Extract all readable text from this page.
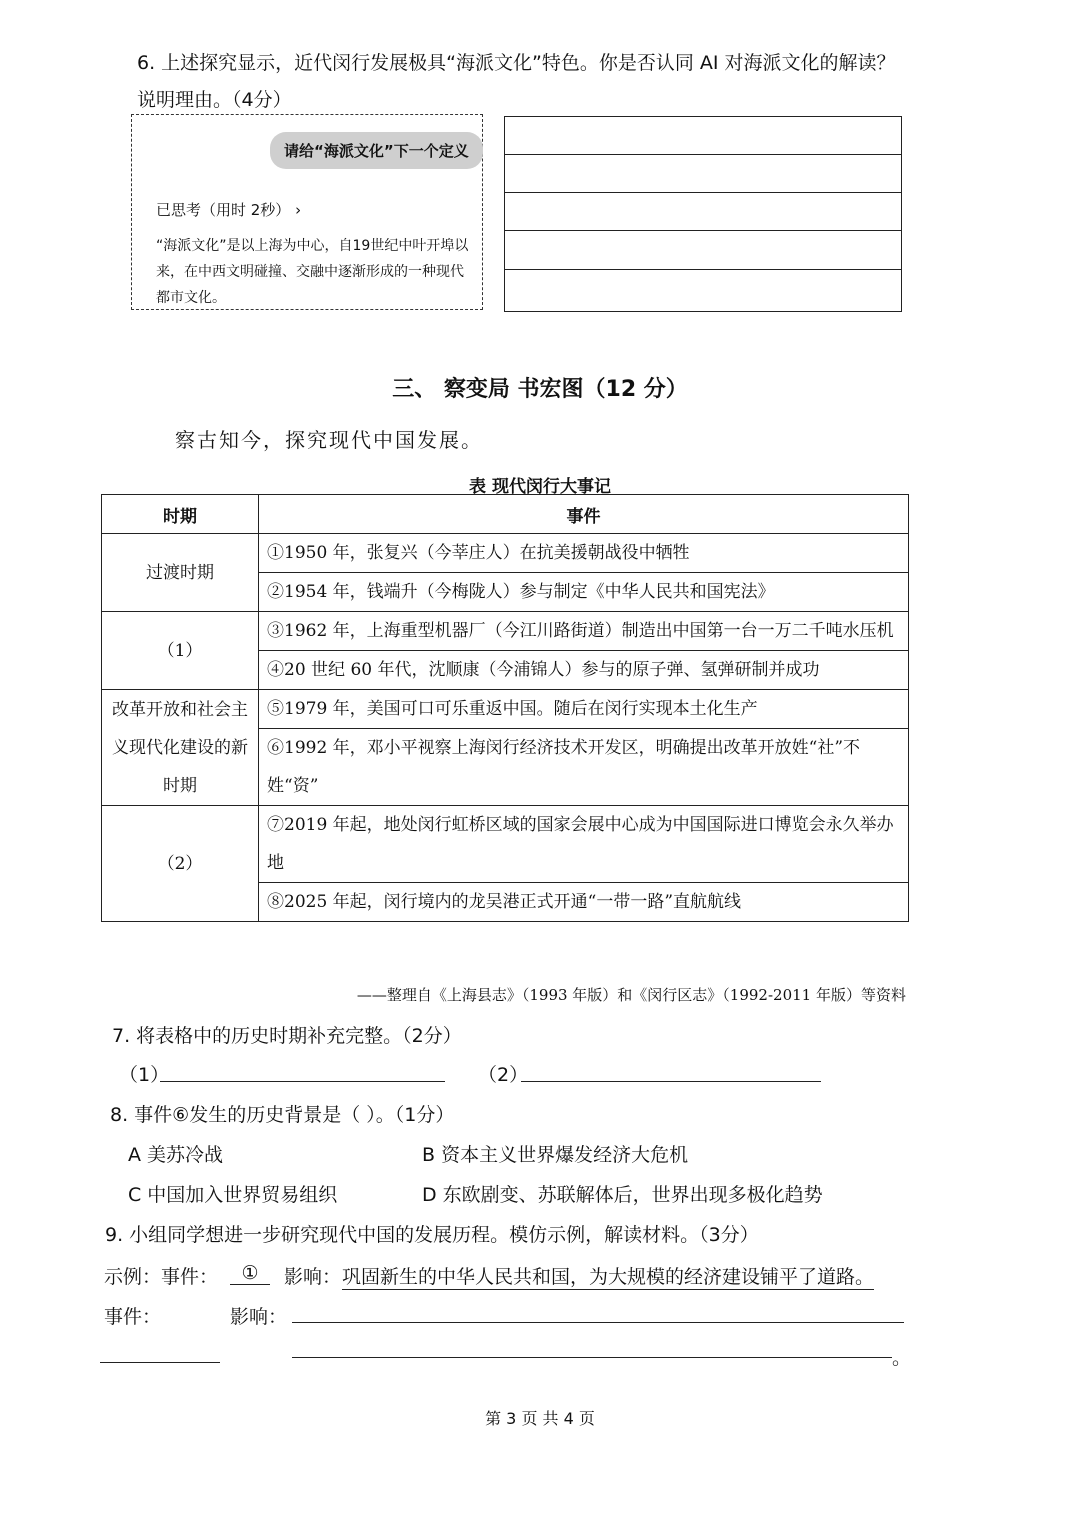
6. 上述探究显示，近代闵行发展极具“海派文化”特色。你是否认同 AI 对海派文化的解读？
说明理由。（4分）
请给“海派文化”下一个定义
已思考（用时 2秒） ›
“海派文化”是以上海为中心，自19世纪中叶开埠以来，在中西文明碰撞、交融中逐渐形成的一种现代都市文化。
三、 察变局 书宏图（12 分）
察古知今，探究现代中国发展。
表 现代闵行大事记
时期	事件
过渡时期	①1950 年，张复兴（今莘庄人）在抗美援朝战役中牺牲
	②1954 年，钱端升（今梅陇人）参与制定《中华人民共和国宪法》
（1）	③1962 年，上海重型机器厂（今江川路街道）制造出中国第一台一万二千吨水压机
	④20 世纪 60 年代，沈顺康（今浦锦人）参与的原子弹、氢弹研制并成功
改革开放和社会主义现代化建设的新时期	⑤1979 年，美国可口可乐重返中国。随后在闵行实现本土化生产
	⑥1992 年，邓小平视察上海闵行经济技术开发区，明确提出改革开放姓“社”不姓“资”
（2）	⑦2019 年起，地处闵行虹桥区域的国家会展中心成为中国国际进口博览会永久举办地
	⑧2025 年起，闵行境内的龙吴港正式开通“一带一路”直航航线
——整理自《上海县志》（1993 年版）和《闵行区志》（1992-2011 年版）等资料
7. 将表格中的历史时期补充完整。（2分）
（1）	（2）
8. 事件⑥发生的历史背景是（ ）。（1分）
A 美苏冷战	B 资本主义世界爆发经济大危机
C 中国加入世界贸易组织	D 东欧剧变、苏联解体后，世界出现多极化趋势
9. 小组同学想进一步研究现代中国的发展历程。模仿示例，解读材料。（3分）
示例：事件：	①	影响： 巩固新生的中华人民共和国，为大规模的经济建设铺平了道路。
事件：	影响：
。
第 3 页 共 4 页
